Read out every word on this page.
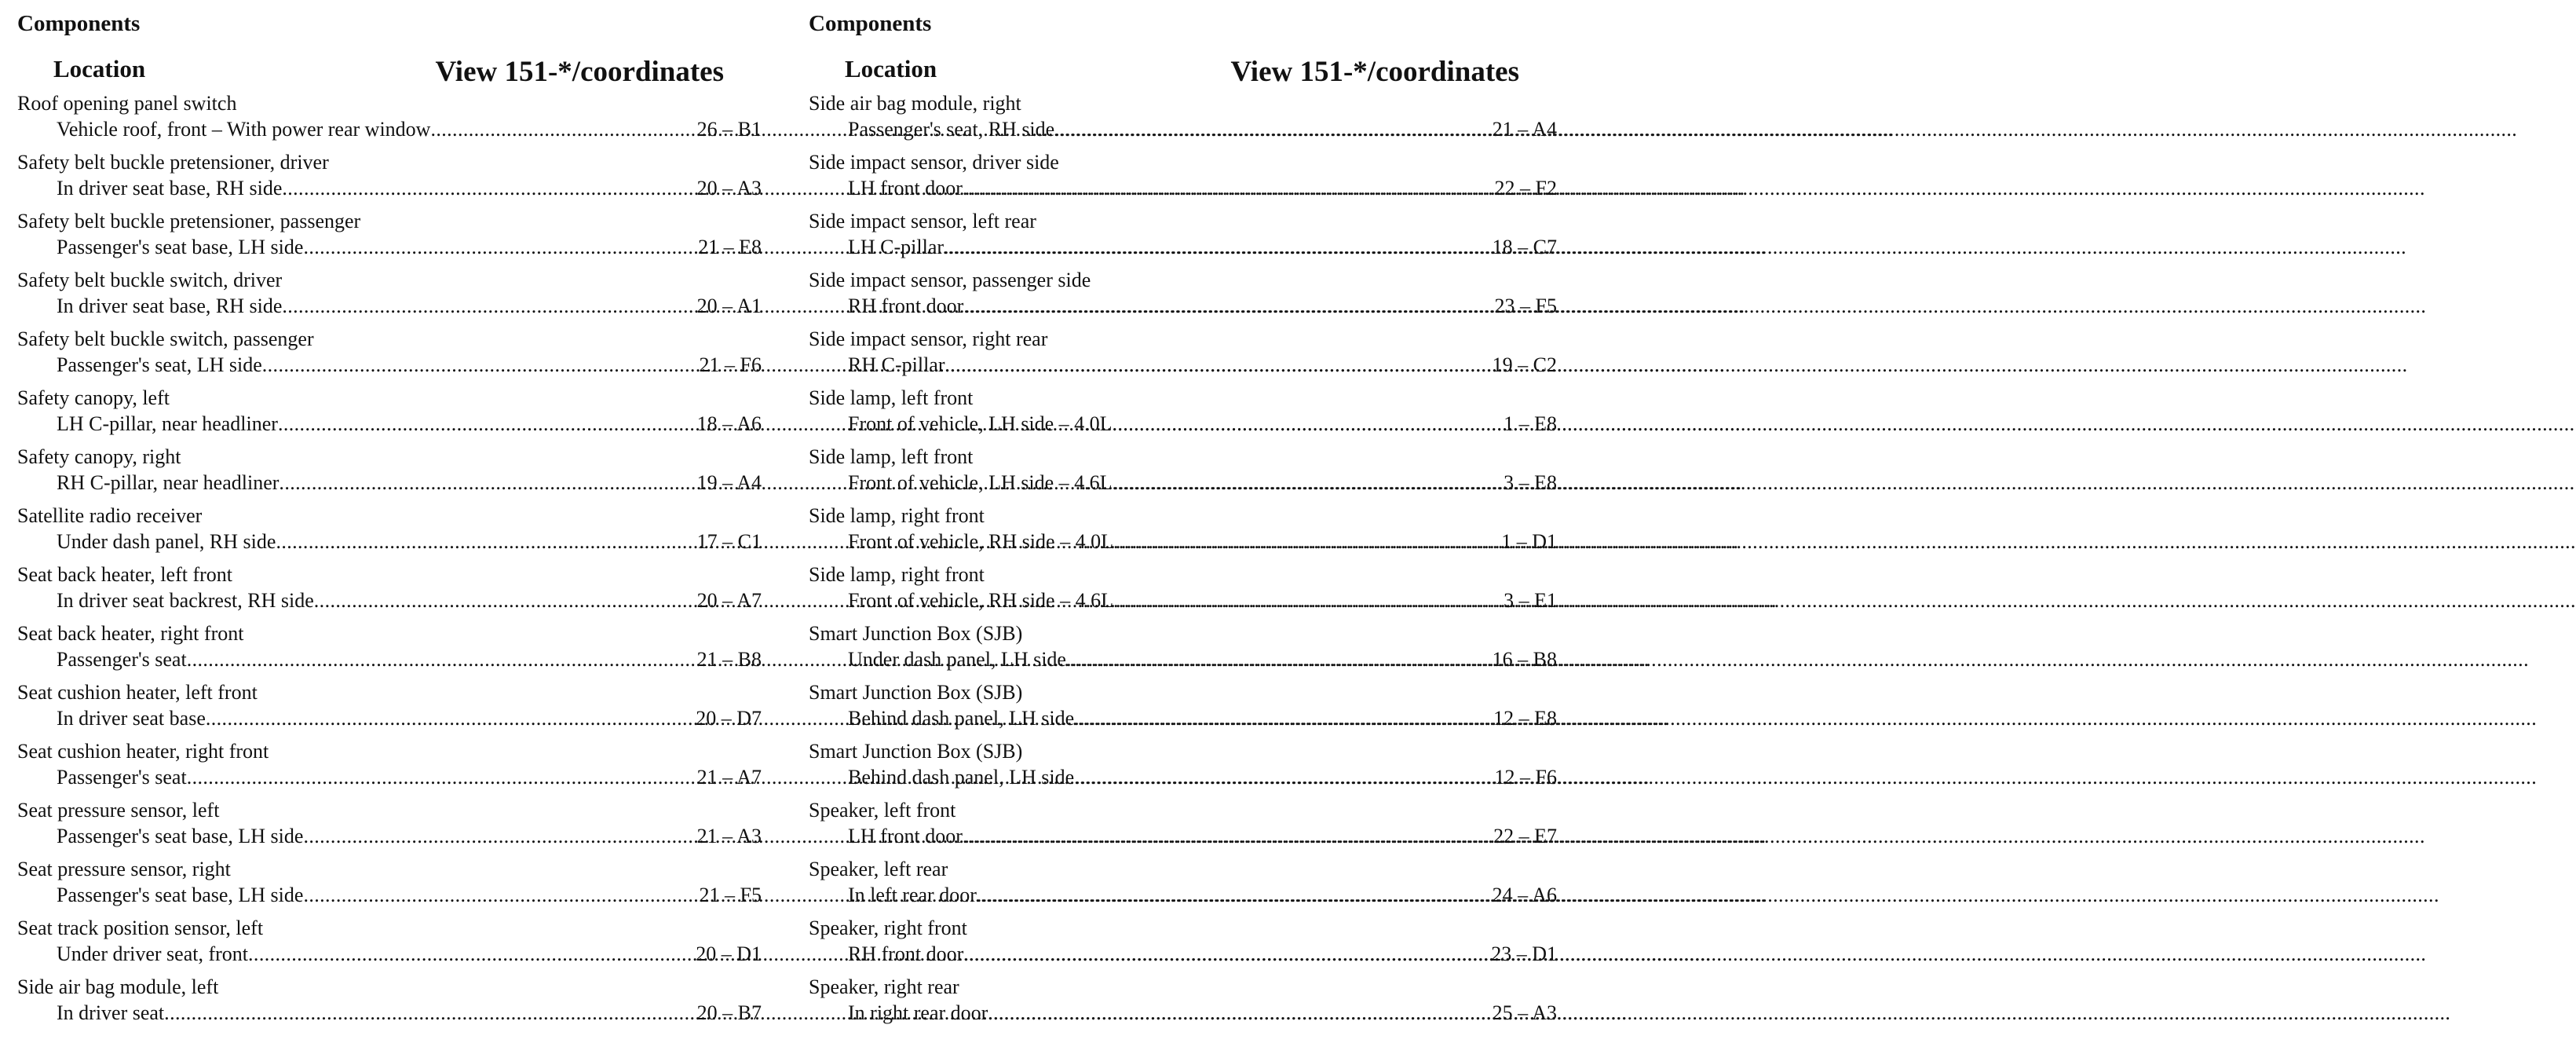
Components
Location	View 151-*/coordinates
Roof opening panel switch
Vehicle roof, front – With power rear window .....	26 – B1
Safety belt buckle pretensioner, driver
In driver seat base, RH side .....	20 – A3
Safety belt buckle pretensioner, passenger
Passenger's seat base, LH side .....	21 – E8
Safety belt buckle switch, driver
In driver seat base, RH side .....	20 – A1
Safety belt buckle switch, passenger
Passenger's seat, LH side .....	21 – F6
Safety canopy, left
LH C-pillar, near headliner .....	18 – A6
Safety canopy, right
RH C-pillar, near headliner .....	19 – A4
Satellite radio receiver
Under dash panel, RH side .....	17 – C1
Seat back heater, left front
In driver seat backrest, RH side .....	20 – A7
Seat back heater, right front
Passenger's seat .....	21 – B8
Seat cushion heater, left front
In driver seat base .....	20 – D7
Seat cushion heater, right front
Passenger's seat .....	21 – A7
Seat pressure sensor, left
Passenger's seat base, LH side .....	21 – A3
Seat pressure sensor, right
Passenger's seat base, LH side .....	21 – F5
Seat track position sensor, left
Under driver seat, front .....	20 – D1
Side air bag module, left
In driver seat .....	20 – B7
Components
Location	View 151-*/coordinates
Side air bag module, right
Passenger's seat, RH side .....	21 – A4
Side impact sensor, driver side
LH front door .....	22 – F2
Side impact sensor, left rear
LH C-pillar .....	18 – C7
Side impact sensor, passenger side
RH front door .....	23 – F5
Side impact sensor, right rear
RH C-pillar .....	19 – C2
Side lamp, left front
Front of vehicle, LH side – 4.0L .....	1 – E8
Side lamp, left front
Front of vehicle, LH side – 4.6L .....	3 – E8
Side lamp, right front
Front of vehicle, RH side – 4.0L .....	1 – D1
Side lamp, right front
Front of vehicle, RH side – 4.6L .....	3 – E1
Smart Junction Box (SJB)
Under dash panel, LH side .....	16 – B8
Smart Junction Box (SJB)
Behind dash panel, LH side .....	12 – E8
Smart Junction Box (SJB)
Behind dash panel, LH side .....	12 – F6
Speaker, left front
LH front door .....	22 – E7
Speaker, left rear
In left rear door .....	24 – A6
Speaker, right front
RH front door .....	23 – D1
Speaker, right rear
In right rear door .....	25 – A3
